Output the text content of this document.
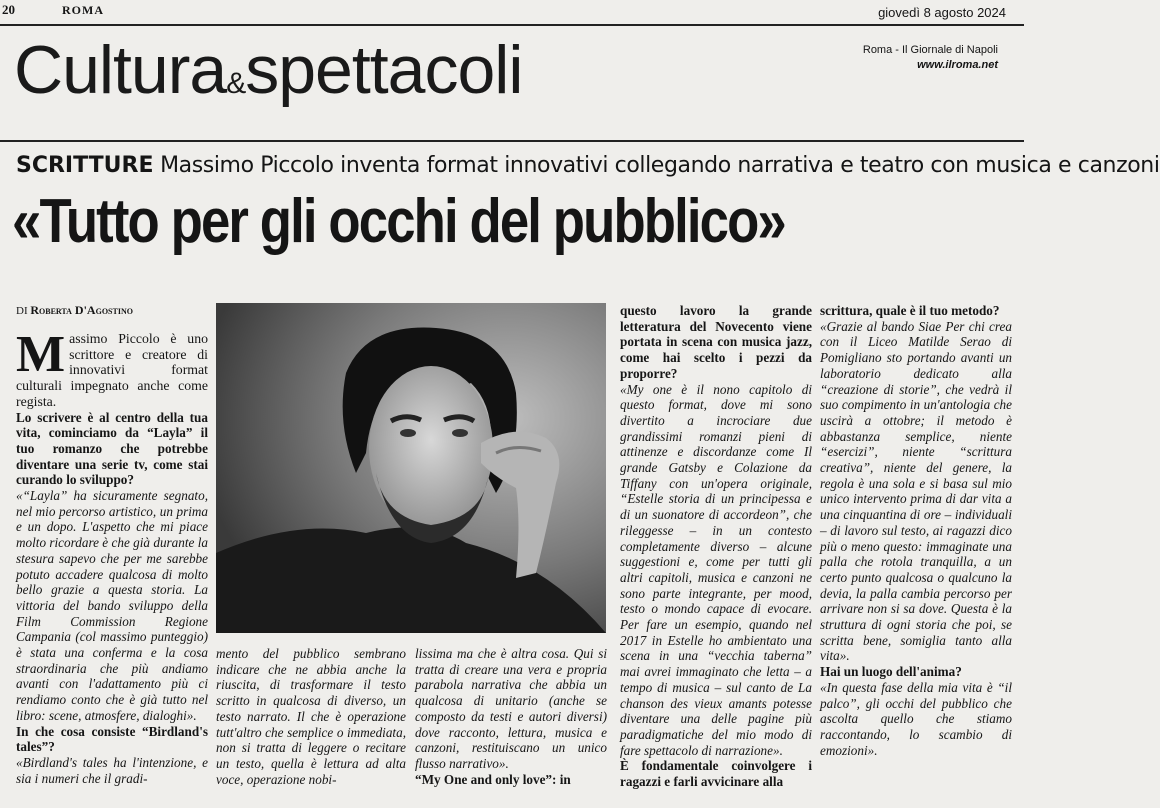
20	ROMA	giovedì 8 agosto 2024
Cultura&spettacoli	Roma - Il Giornale di Napoli
www.ilroma.net
SCRITTURE Massimo Piccolo inventa format innovativi collegando narrativa e teatro con musica e canzoni
«Tutto per gli occhi del pubblico»
DI Roberta D'Agostino

Massimo Piccolo è uno scrittore e creatore di innovativi format culturali impegnato anche come regista.

Lo scrivere è al centro della tua vita, cominciamo da “Layla” il tuo romanzo che potrebbe diventare una serie tv, come stai curando lo sviluppo?

«“Layla” ha sicuramente segnato, nel mio percorso artistico, un prima e un dopo. L'aspetto che mi piace molto ricordare è che già durante la stesura sapevo che per me sarebbe potuto accadere qualcosa di molto bello grazie a questa storia. La vittoria del bando sviluppo della Film Commission Regione Campania (col massimo punteggio) è stata una conferma e la cosa straordinaria che più andiamo avanti con l'adattamento più ci rendiamo conto che è già tutto nel libro: scene, atmosfere, dialoghi».

In che cosa consiste “Birdland's tales”?

«Birdland's tales ha l'intenzione, e sia i numeri che il gradi-

mento del pubblico sembrano indicare che ne abbia anche la riuscita, di trasformare il testo scritto in qualcosa di diverso, un testo narrato. Il che è operazione tutt'altro che semplice o immediata, non si tratta di leggere o recitare un testo, quella è lettura ad alta voce, operazione nobi-

lissima ma che è altra cosa. Qui si tratta di creare una vera e propria parabola narrativa che abbia un qualcosa di unitario (anche se composto da testi e autori diversi) dove racconto, lettura, musica e canzoni, restituiscano un unico flusso narrativo».

“My One and only love”: in

questo lavoro la grande letteratura del Novecento viene portata in scena con musica jazz, come hai scelto i pezzi da proporre?

«My one è il nono capitolo di questo format, dove mi sono divertito a incrociare due grandissimi romanzi pieni di attinenze e discordanze come Il grande Gatsby e Colazione da Tiffany con un'opera originale, “Estelle storia di un principessa e di un suonatore di accordeon”, che rileggesse – in un contesto completamente diverso – alcune suggestioni e, come per tutti gli altri capitoli, musica e canzoni ne sono parte integrante, per mood, testo o mondo capace di evocare. Per fare un esempio, quando nel 2017 in Estelle ho ambientato una scena in una “vecchia taberna” mai avrei immaginato che letta – a tempo di musica – sul canto de La chanson des vieux amants potesse diventare una delle pagine più paradigmatiche del mio modo di fare spettacolo di narrazione».

È fondamentale coinvolgere i ragazzi e farli avvicinare alla

scrittura, quale è il tuo metodo?

«Grazie al bando Siae Per chi crea con il Liceo Matilde Serao di Pomigliano sto portando avanti un laboratorio dedicato alla “creazione di storie”, che vedrà il suo compimento in un'antologia che uscirà a ottobre; il metodo è abbastanza semplice, niente “esercizi”, niente “scrittura creativa”, niente del genere, la regola è una sola e si basa sul mio unico intervento prima di dar vita a una cinquantina di ore – individuali – di lavoro sul testo, ai ragazzi dico più o meno questo: immaginate una palla che rotola tranquilla, a un certo punto qualcosa o qualcuno la devia, la palla cambia percorso per arrivare non si sa dove. Questa è la struttura di ogni storia che poi, se scritta bene, somiglia tanto alla vita».

Hai un luogo dell'anima?

«In questa fase della mia vita è “il palco”, gli occhi del pubblico che ascolta quello che stiamo raccontando, lo scambio di emozioni».
